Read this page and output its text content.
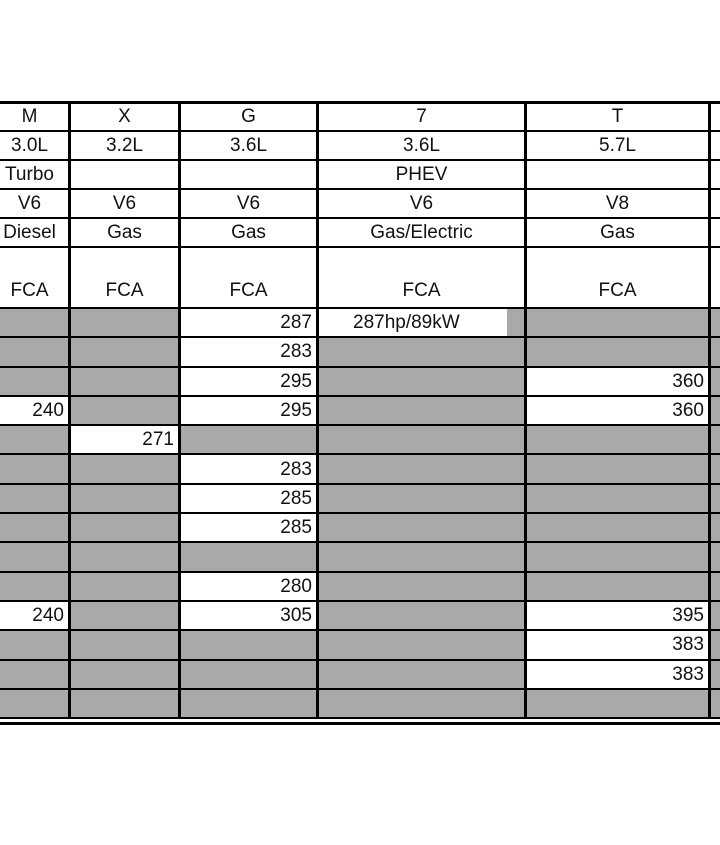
M	X	G	7	T	
3.0L	3.2L	3.6L	3.6L	5.7L	
Turbo			PHEV		
V6	V6	V6	V6	V8	
Diesel	Gas	Gas	Gas/Electric	Gas	
FCA	FCA	FCA	FCA	FCA	
		287	287hp/89kW		

		283			
		295		360	
240		295		360	
	271				
		283			
		285			
		285			

		280			
240		305		395	
				383	
				383	
